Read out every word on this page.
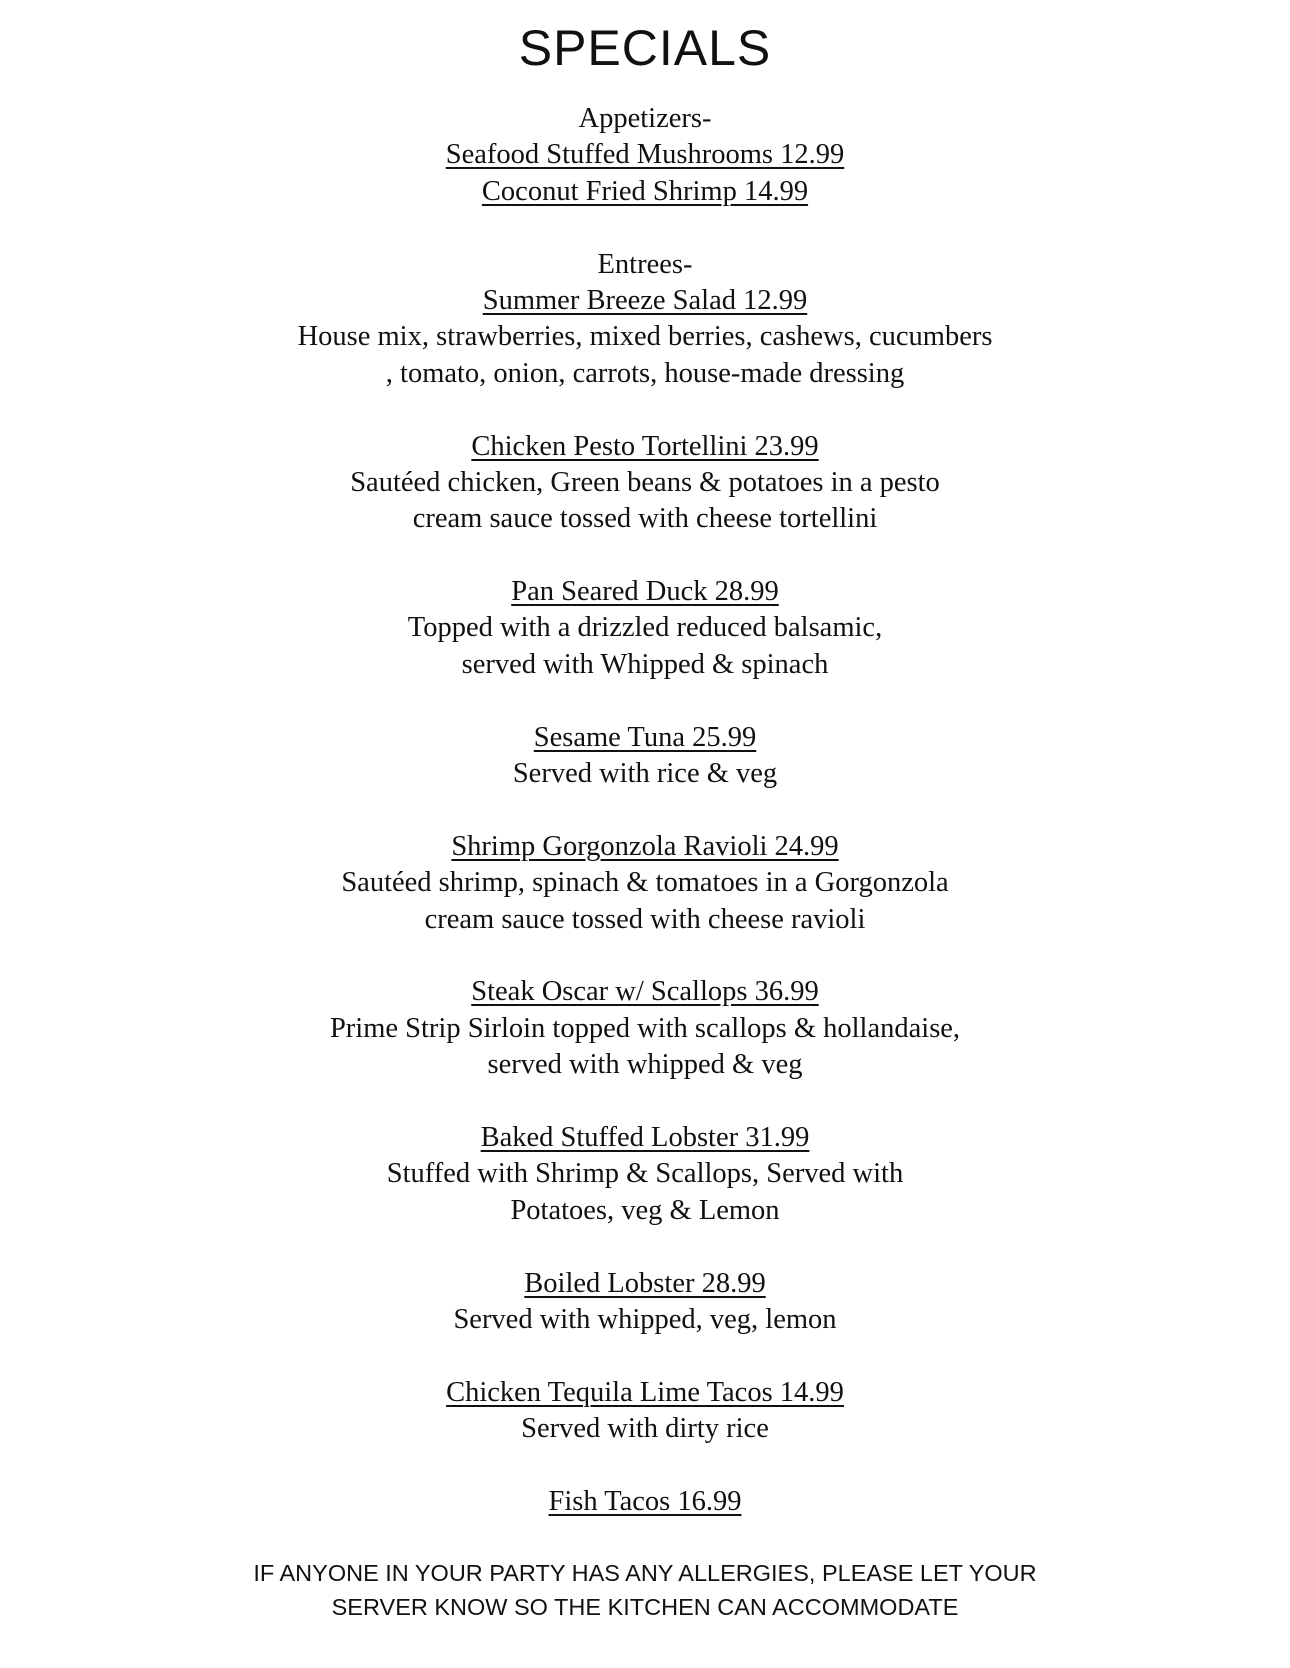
SPECIALS
Appetizers-
Seafood Stuffed Mushrooms 12.99
Coconut Fried Shrimp 14.99
Entrees-
Summer Breeze Salad 12.99
House mix, strawberries, mixed berries, cashews, cucumbers
, tomato, onion, carrots, house-made dressing
Chicken Pesto Tortellini 23.99
Sautéed chicken, Green beans & potatoes in a pesto
cream sauce tossed with cheese tortellini
Pan Seared Duck 28.99
Topped with a drizzled reduced balsamic,
served with Whipped & spinach
Sesame Tuna 25.99
Served with rice & veg
Shrimp Gorgonzola Ravioli 24.99
Sautéed shrimp, spinach & tomatoes in a Gorgonzola
cream sauce tossed with cheese ravioli
Steak Oscar w/ Scallops 36.99
Prime Strip Sirloin topped with scallops & hollandaise,
served with whipped & veg
Baked Stuffed Lobster 31.99
Stuffed with Shrimp & Scallops, Served with
Potatoes, veg & Lemon
Boiled Lobster 28.99
Served with whipped, veg, lemon
Chicken Tequila Lime Tacos 14.99
Served with dirty rice
Fish Tacos 16.99
IF ANYONE IN YOUR PARTY HAS ANY ALLERGIES, PLEASE LET YOUR
SERVER KNOW SO THE KITCHEN CAN ACCOMMODATE
